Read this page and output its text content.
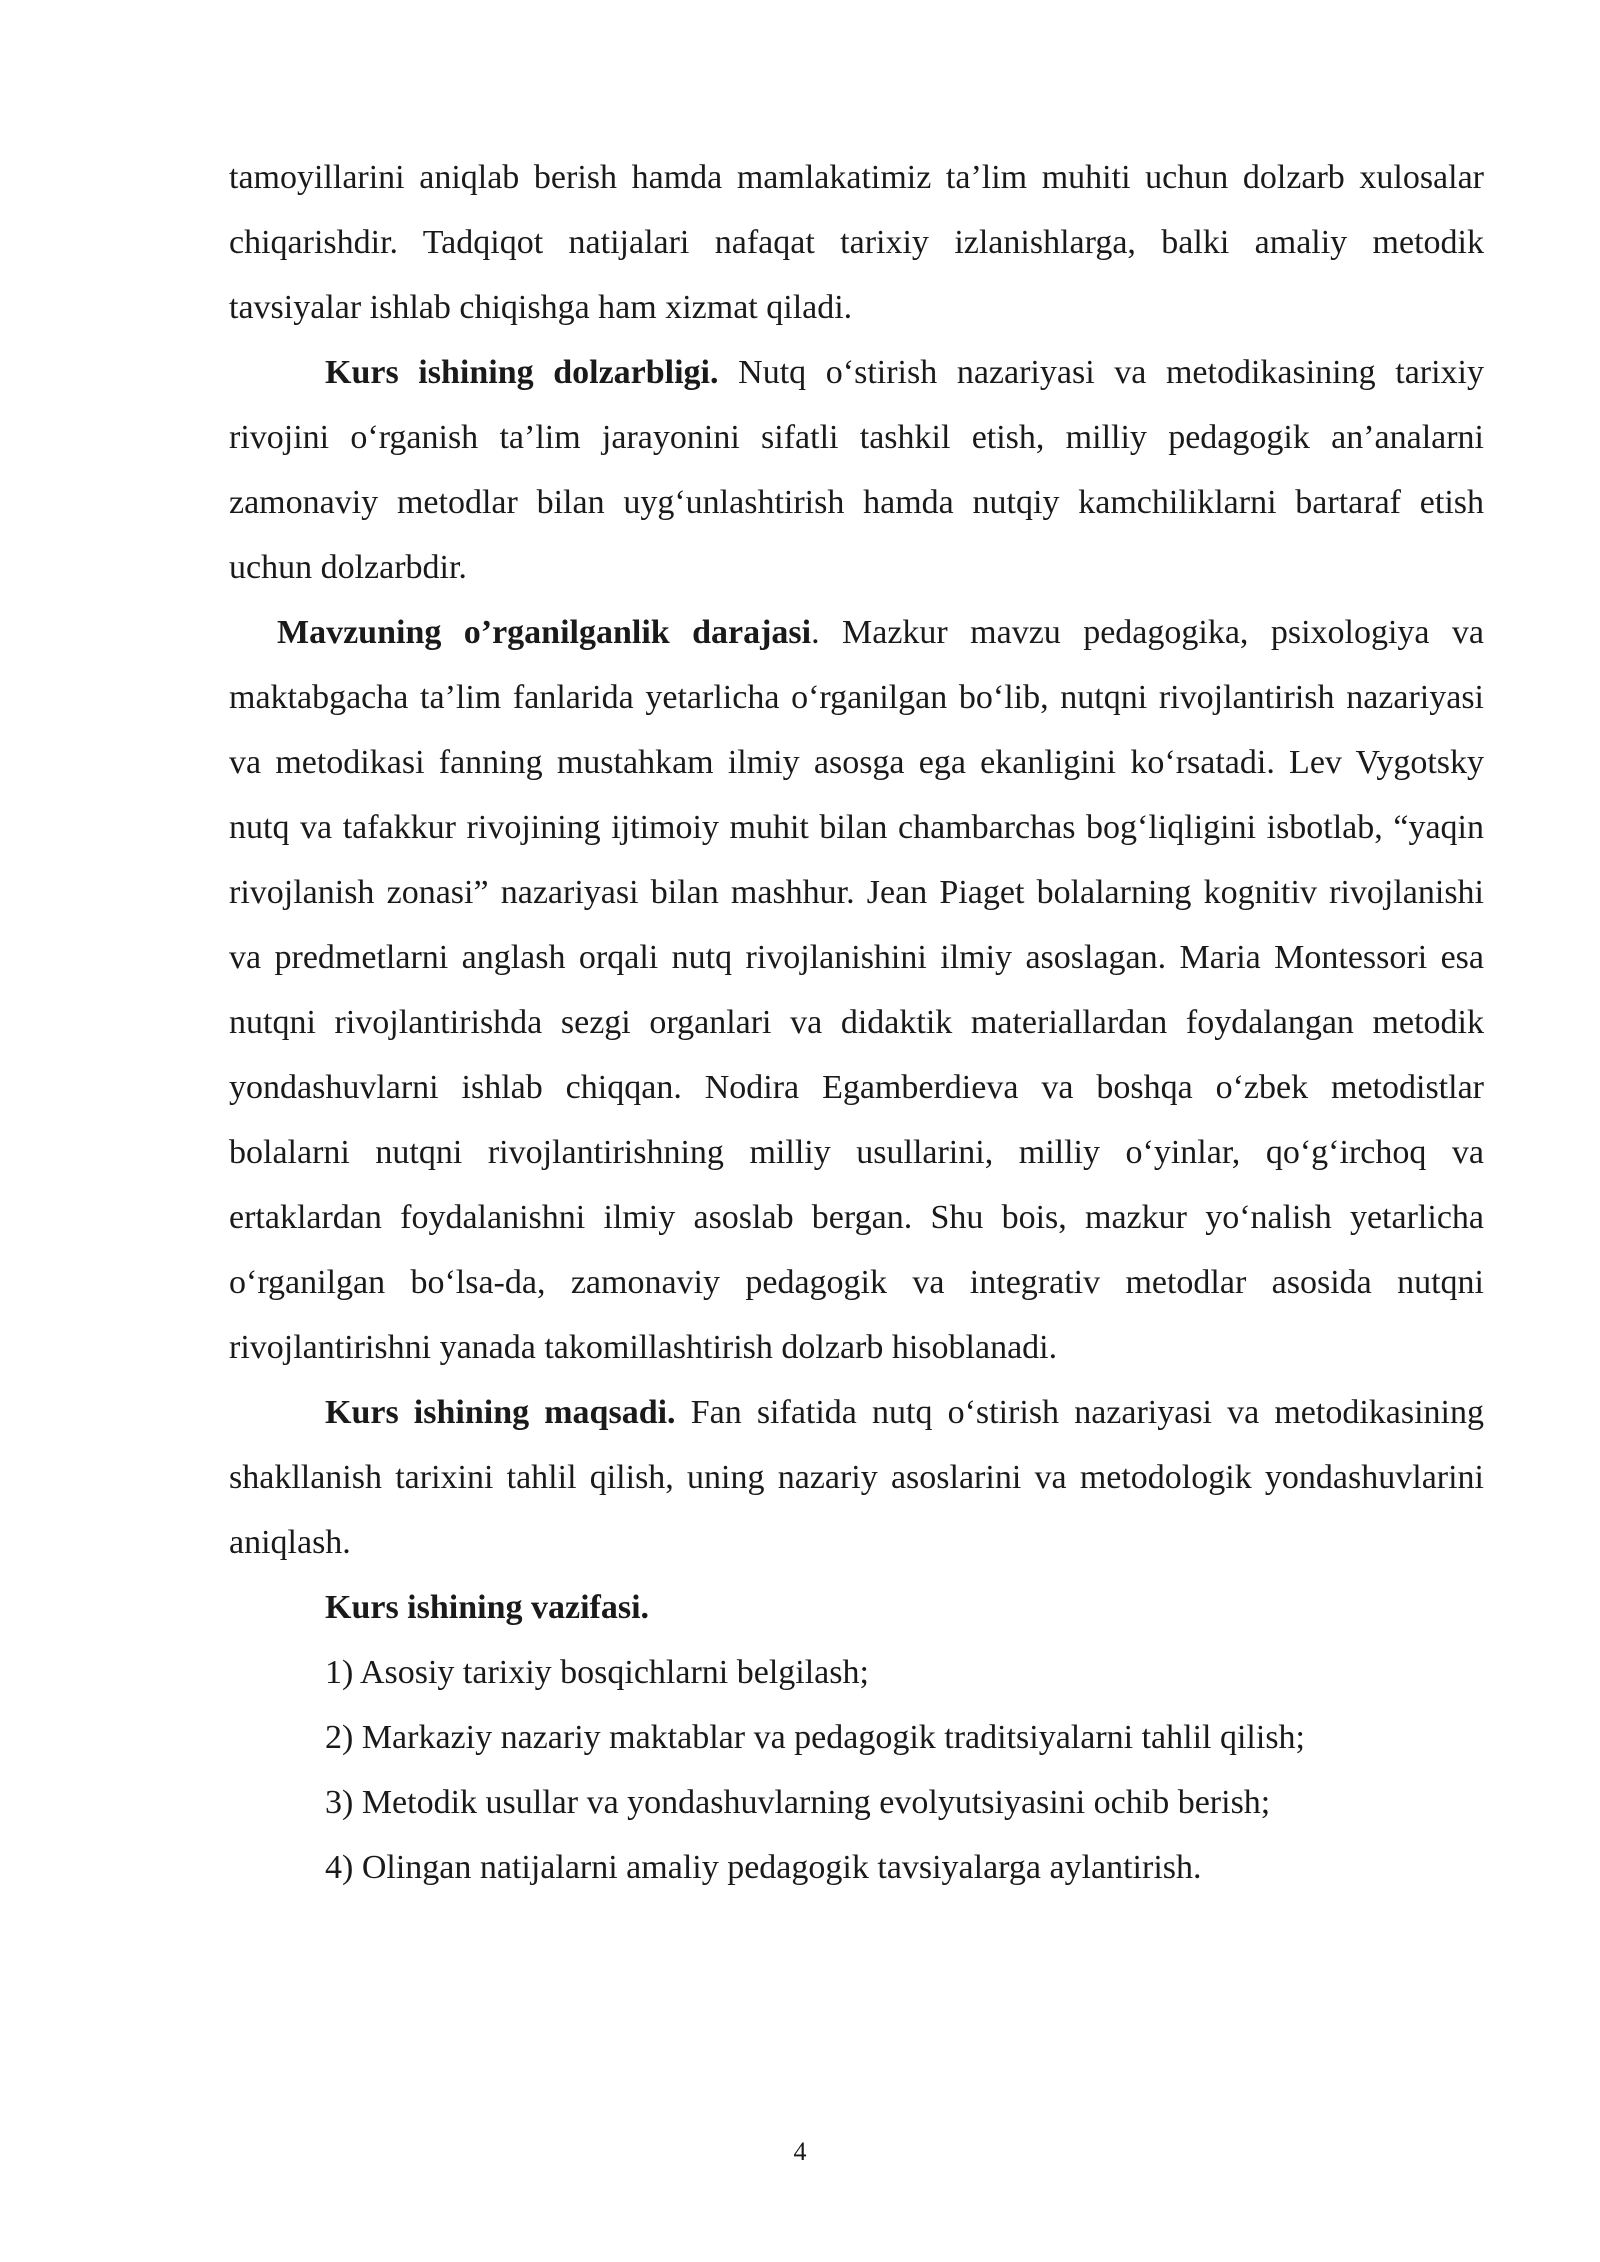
tamoyillarini aniqlab berish hamda mamlakatimiz ta’lim muhiti uchun dolzarb xulosalar chiqarishdir. Tadqiqot natijalari nafaqat tarixiy izlanishlarga, balki amaliy metodik tavsiyalar ishlab chiqishga ham xizmat qiladi.

Kurs ishining dolzarbligi. Nutq o‘stirish nazariyasi va metodikasining tarixiy rivojini o‘rganish ta’lim jarayonini sifatli tashkil etish, milliy pedagogik an’analarni zamonaviy metodlar bilan uyg‘unlashtirish hamda nutqiy kamchiliklarni bartaraf etish uchun dolzarbdir.

Mavzuning o’rganilganlik darajasi. Mazkur mavzu pedagogika, psixologiya va maktabgacha ta’lim fanlarida yetarlicha o‘rganilgan bo‘lib, nutqni rivojlantirish nazariyasi va metodikasi fanning mustahkam ilmiy asosga ega ekanligini ko‘rsatadi. Lev Vygotsky nutq va tafakkur rivojining ijtimoiy muhit bilan chambarchas bog‘liqligini isbotlab, “yaqin rivojlanish zonasi” nazariyasi bilan mashhur. Jean Piaget bolalarning kognitiv rivojlanishi va predmetlarni anglash orqali nutq rivojlanishini ilmiy asoslagan. Maria Montessori esa nutqni rivojlantirishda sezgi organlari va didaktik materiallardan foydalangan metodik yondashuvlarni ishlab chiqqan. Nodira Egamberdieva va boshqa o‘zbek metodistlar bolalarni nutqni rivojlantirishning milliy usullarini, milliy o‘yinlar, qo‘g‘irchoq va ertaklardan foydalanishni ilmiy asoslab bergan. Shu bois, mazkur yo‘nalish yetarlicha o‘rganilgan bo‘lsa-da, zamonaviy pedagogik va integrativ metodlar asosida nutqni rivojlantirishni yanada takomillashtirish dolzarb hisoblanadi.

Kurs ishining maqsadi. Fan sifatida nutq o‘stirish nazariyasi va metodikasining shakllanish tarixini tahlil qilish, uning nazariy asoslarini va metodologik yondashuvlarini aniqlash.

Kurs ishining vazifasi.

1) Asosiy tarixiy bosqichlarni belgilash;

2) Markaziy nazariy maktablar va pedagogik traditsiyalarni tahlil qilish;

3) Metodik usullar va yondashuvlarning evolyutsiyasini ochib berish;

4) Olingan natijalarni amaliy pedagogik tavsiyalarga aylantirish.

4
